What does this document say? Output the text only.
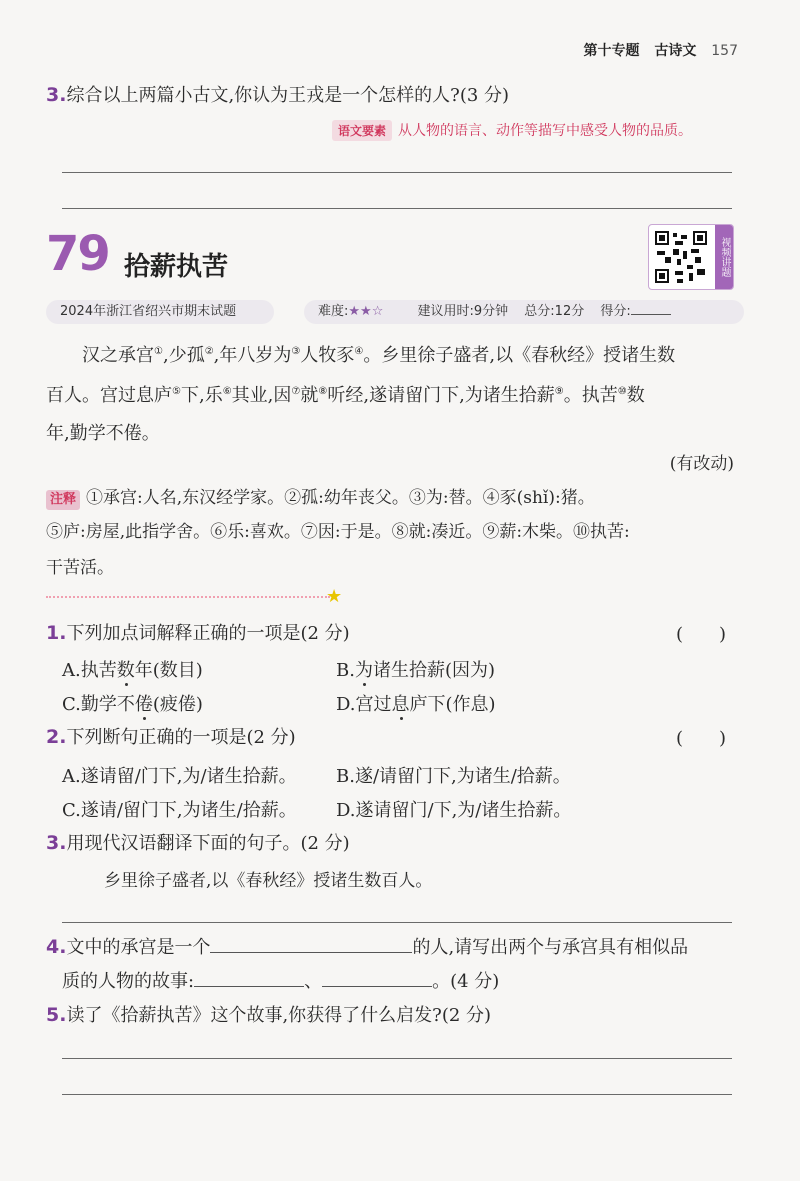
第十专题 古诗文 157
3.综合以上两篇小古文,你认为王戎是一个怎样的人?(3 分)
语文要素 从人物的语言、动作等描写中感受人物的品质。
79 拾薪执苦	视频讲题
2024年浙江省绍兴市期末试题	难度:★★☆	建议用时:9分钟 总分:12分 得分:
汉之承宫①,少孤②,年八岁为③人牧豕④。乡里徐子盛者,以《春秋经》授诸生数
百人。宫过息庐⑤下,乐⑥其业,因⑦就⑧听经,遂请留门下,为诸生拾薪⑨。执苦⑩数
年,勤学不倦。
(有改动)
注释 ①承宫:人名,东汉经学家。②孤:幼年丧父。③为:替。④豕(shǐ):猪。
⑤庐:房屋,此指学舍。⑥乐:喜欢。⑦因:于是。⑧就:凑近。⑨薪:木柴。⑩执苦:
干苦活。
★
1.下列加点词解释正确的一项是(2 分)	(　　)
A.执苦数年(数目)	B.为诸生拾薪(因为)
C.勤学不倦(疲倦)	D.宫过息庐下(作息)
2.下列断句正确的一项是(2 分)	(　　)
A.遂请留/门下,为/诸生拾薪。 B.遂/请留门下,为诸生/拾薪。
C.遂请/留门下,为诸生/拾薪。 D.遂请留门/下,为/诸生拾薪。
3.用现代汉语翻译下面的句子。(2 分)
乡里徐子盛者,以《春秋经》授诸生数百人。
4.文中的承宫是一个	的人,请写出两个与承宫具有相似品
质的人物的故事:	、	。(4 分)
5.读了《拾薪执苦》这个故事,你获得了什么启发?(2 分)
